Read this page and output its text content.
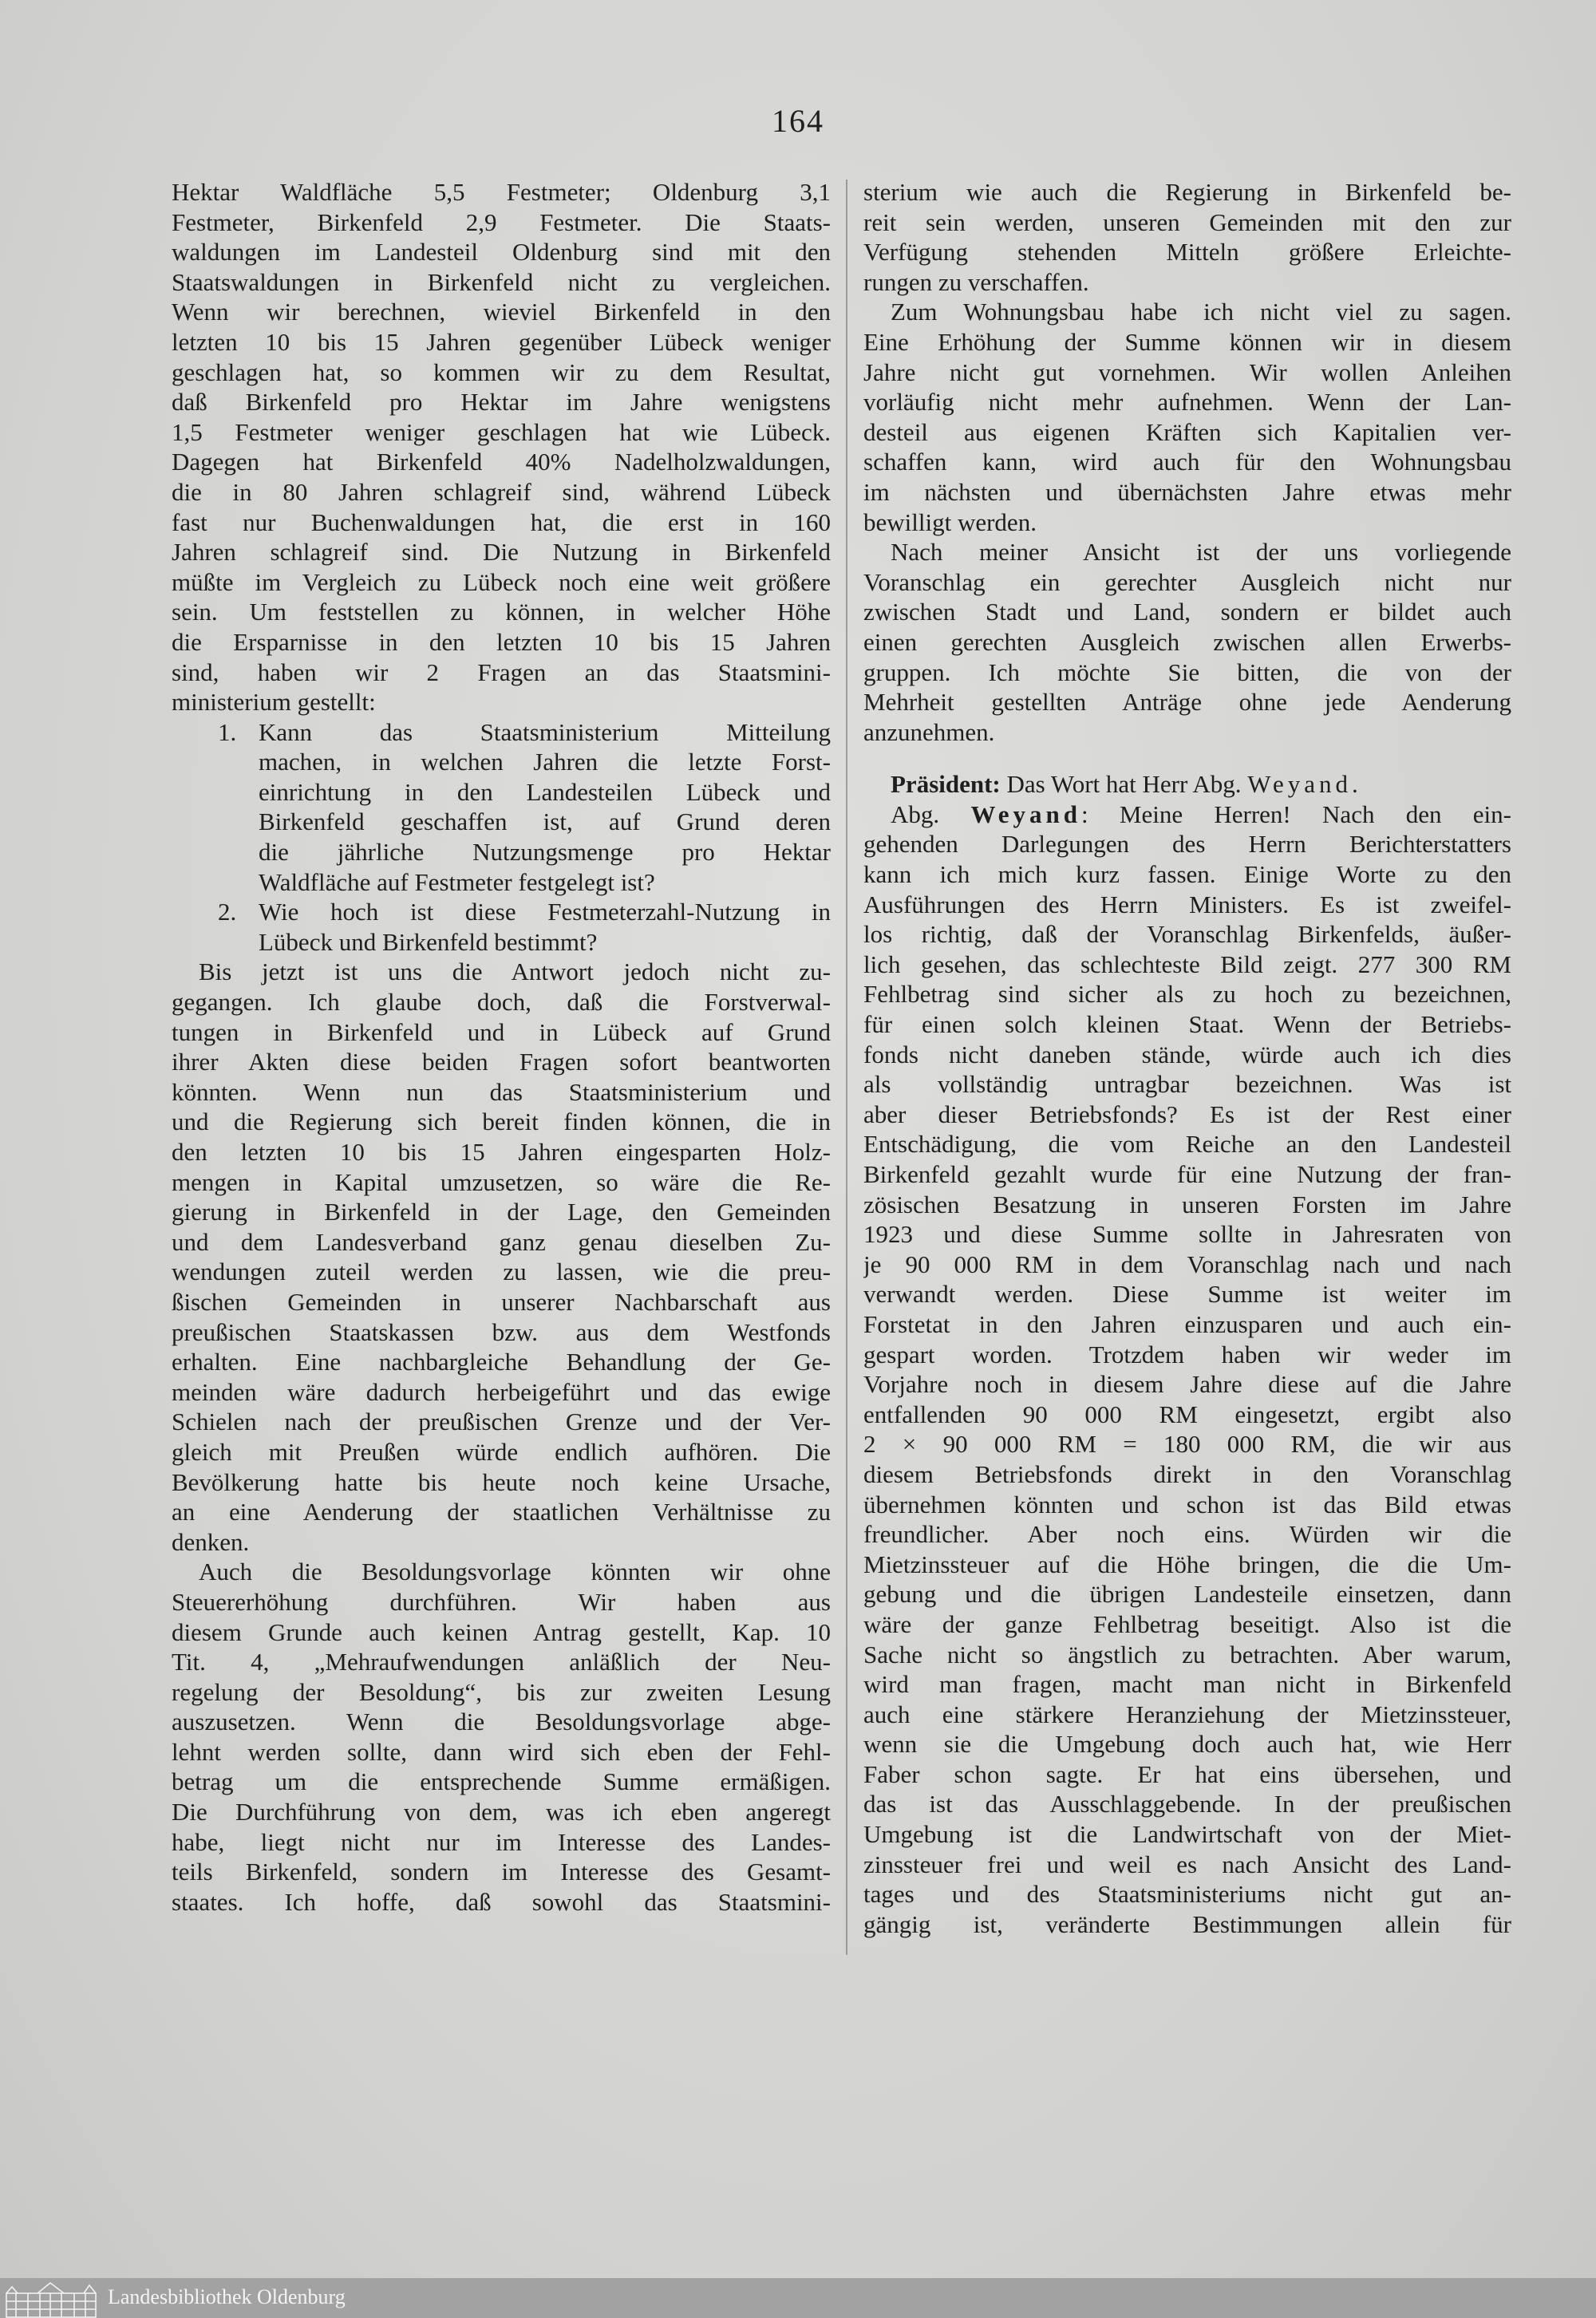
164
Hektar Waldfläche 5,5 Festmeter; Oldenburg 3,1
Festmeter, Birkenfeld 2,9 Festmeter. Die Staats-
waldungen im Landesteil Oldenburg sind mit den
Staatswaldungen in Birkenfeld nicht zu vergleichen.
Wenn wir berechnen, wieviel Birkenfeld in den
letzten 10 bis 15 Jahren gegenüber Lübeck weniger
geschlagen hat, so kommen wir zu dem Resultat,
daß Birkenfeld pro Hektar im Jahre wenigstens
1,5 Festmeter weniger geschlagen hat wie Lübeck.
Dagegen hat Birkenfeld 40% Nadelholzwaldungen,
die in 80 Jahren schlagreif sind, während Lübeck
fast nur Buchenwaldungen hat, die erst in 160
Jahren schlagreif sind. Die Nutzung in Birkenfeld
müßte im Vergleich zu Lübeck noch eine weit größere
sein. Um feststellen zu können, in welcher Höhe
die Ersparnisse in den letzten 10 bis 15 Jahren
sind, haben wir 2 Fragen an das Staatsmini-
ministerium gestellt:
1. Kann das Staatsministerium Mitteilung
machen, in welchen Jahren die letzte Forst-
einrichtung in den Landesteilen Lübeck und
Birkenfeld geschaffen ist, auf Grund deren
die jährliche Nutzungsmenge pro Hektar
Waldfläche auf Festmeter festgelegt ist?
2. Wie hoch ist diese Festmeterzahl-Nutzung in
Lübeck und Birkenfeld bestimmt?
Bis jetzt ist uns die Antwort jedoch nicht zu-
gegangen. Ich glaube doch, daß die Forstverwal-
tungen in Birkenfeld und in Lübeck auf Grund
ihrer Akten diese beiden Fragen sofort beantworten
könnten. Wenn nun das Staatsministerium und
und die Regierung sich bereit finden können, die in
den letzten 10 bis 15 Jahren eingesparten Holz-
mengen in Kapital umzusetzen, so wäre die Re-
gierung in Birkenfeld in der Lage, den Gemeinden
und dem Landesverband ganz genau dieselben Zu-
wendungen zuteil werden zu lassen, wie die preu-
ßischen Gemeinden in unserer Nachbarschaft aus
preußischen Staatskassen bzw. aus dem Westfonds
erhalten. Eine nachbargleiche Behandlung der Ge-
meinden wäre dadurch herbeigeführt und das ewige
Schielen nach der preußischen Grenze und der Ver-
gleich mit Preußen würde endlich aufhören. Die
Bevölkerung hatte bis heute noch keine Ursache,
an eine Aenderung der staatlichen Verhältnisse zu
denken.
Auch die Besoldungsvorlage könnten wir ohne
Steuererhöhung durchführen. Wir haben aus
diesem Grunde auch keinen Antrag gestellt, Kap. 10
Tit. 4, „Mehraufwendungen anläßlich der Neu-
regelung der Besoldung“, bis zur zweiten Lesung
auszusetzen. Wenn die Besoldungsvorlage abge-
lehnt werden sollte, dann wird sich eben der Fehl-
betrag um die entsprechende Summe ermäßigen.
Die Durchführung von dem, was ich eben angeregt
habe, liegt nicht nur im Interesse des Landes-
teils Birkenfeld, sondern im Interesse des Gesamt-
staates. Ich hoffe, daß sowohl das Staatsmini-
sterium wie auch die Regierung in Birkenfeld be-
reit sein werden, unseren Gemeinden mit den zur
Verfügung stehenden Mitteln größere Erleichte-
rungen zu verschaffen.
Zum Wohnungsbau habe ich nicht viel zu sagen.
Eine Erhöhung der Summe können wir in diesem
Jahre nicht gut vornehmen. Wir wollen Anleihen
vorläufig nicht mehr aufnehmen. Wenn der Lan-
desteil aus eigenen Kräften sich Kapitalien ver-
schaffen kann, wird auch für den Wohnungsbau
im nächsten und übernächsten Jahre etwas mehr
bewilligt werden.
Nach meiner Ansicht ist der uns vorliegende
Voranschlag ein gerechter Ausgleich nicht nur
zwischen Stadt und Land, sondern er bildet auch
einen gerechten Ausgleich zwischen allen Erwerbs-
gruppen. Ich möchte Sie bitten, die von der
Mehrheit gestellten Anträge ohne jede Aenderung
anzunehmen.
Präsident: Das Wort hat Herr Abg. Weyand.
Abg. Weyand: Meine Herren! Nach den ein-
gehenden Darlegungen des Herrn Berichterstatters
kann ich mich kurz fassen. Einige Worte zu den
Ausführungen des Herrn Ministers. Es ist zweifel-
los richtig, daß der Voranschlag Birkenfelds, äußer-
lich gesehen, das schlechteste Bild zeigt. 277 300 RM
Fehlbetrag sind sicher als zu hoch zu bezeichnen,
für einen solch kleinen Staat. Wenn der Betriebs-
fonds nicht daneben stände, würde auch ich dies
als vollständig untragbar bezeichnen. Was ist
aber dieser Betriebsfonds? Es ist der Rest einer
Entschädigung, die vom Reiche an den Landesteil
Birkenfeld gezahlt wurde für eine Nutzung der fran-
zösischen Besatzung in unseren Forsten im Jahre
1923 und diese Summe sollte in Jahresraten von
je 90 000 RM in dem Voranschlag nach und nach
verwandt werden. Diese Summe ist weiter im
Forstetat in den Jahren einzusparen und auch ein-
gespart worden. Trotzdem haben wir weder im
Vorjahre noch in diesem Jahre diese auf die Jahre
entfallenden 90 000 RM eingesetzt, ergibt also
2 × 90 000 RM = 180 000 RM, die wir aus
diesem Betriebsfonds direkt in den Voranschlag
übernehmen könnten und schon ist das Bild etwas
freundlicher. Aber noch eins. Würden wir die
Mietzinssteuer auf die Höhe bringen, die die Um-
gebung und die übrigen Landesteile einsetzen, dann
wäre der ganze Fehlbetrag beseitigt. Also ist die
Sache nicht so ängstlich zu betrachten. Aber warum,
wird man fragen, macht man nicht in Birkenfeld
auch eine stärkere Heranziehung der Mietzinssteuer,
wenn sie die Umgebung doch auch hat, wie Herr
Faber schon sagte. Er hat eins übersehen, und
das ist das Ausschlaggebende. In der preußischen
Umgebung ist die Landwirtschaft von der Miet-
zinssteuer frei und weil es nach Ansicht des Land-
tages und des Staatsministeriums nicht gut an-
gängig ist, veränderte Bestimmungen allein für
Landesbibliothek Oldenburg
